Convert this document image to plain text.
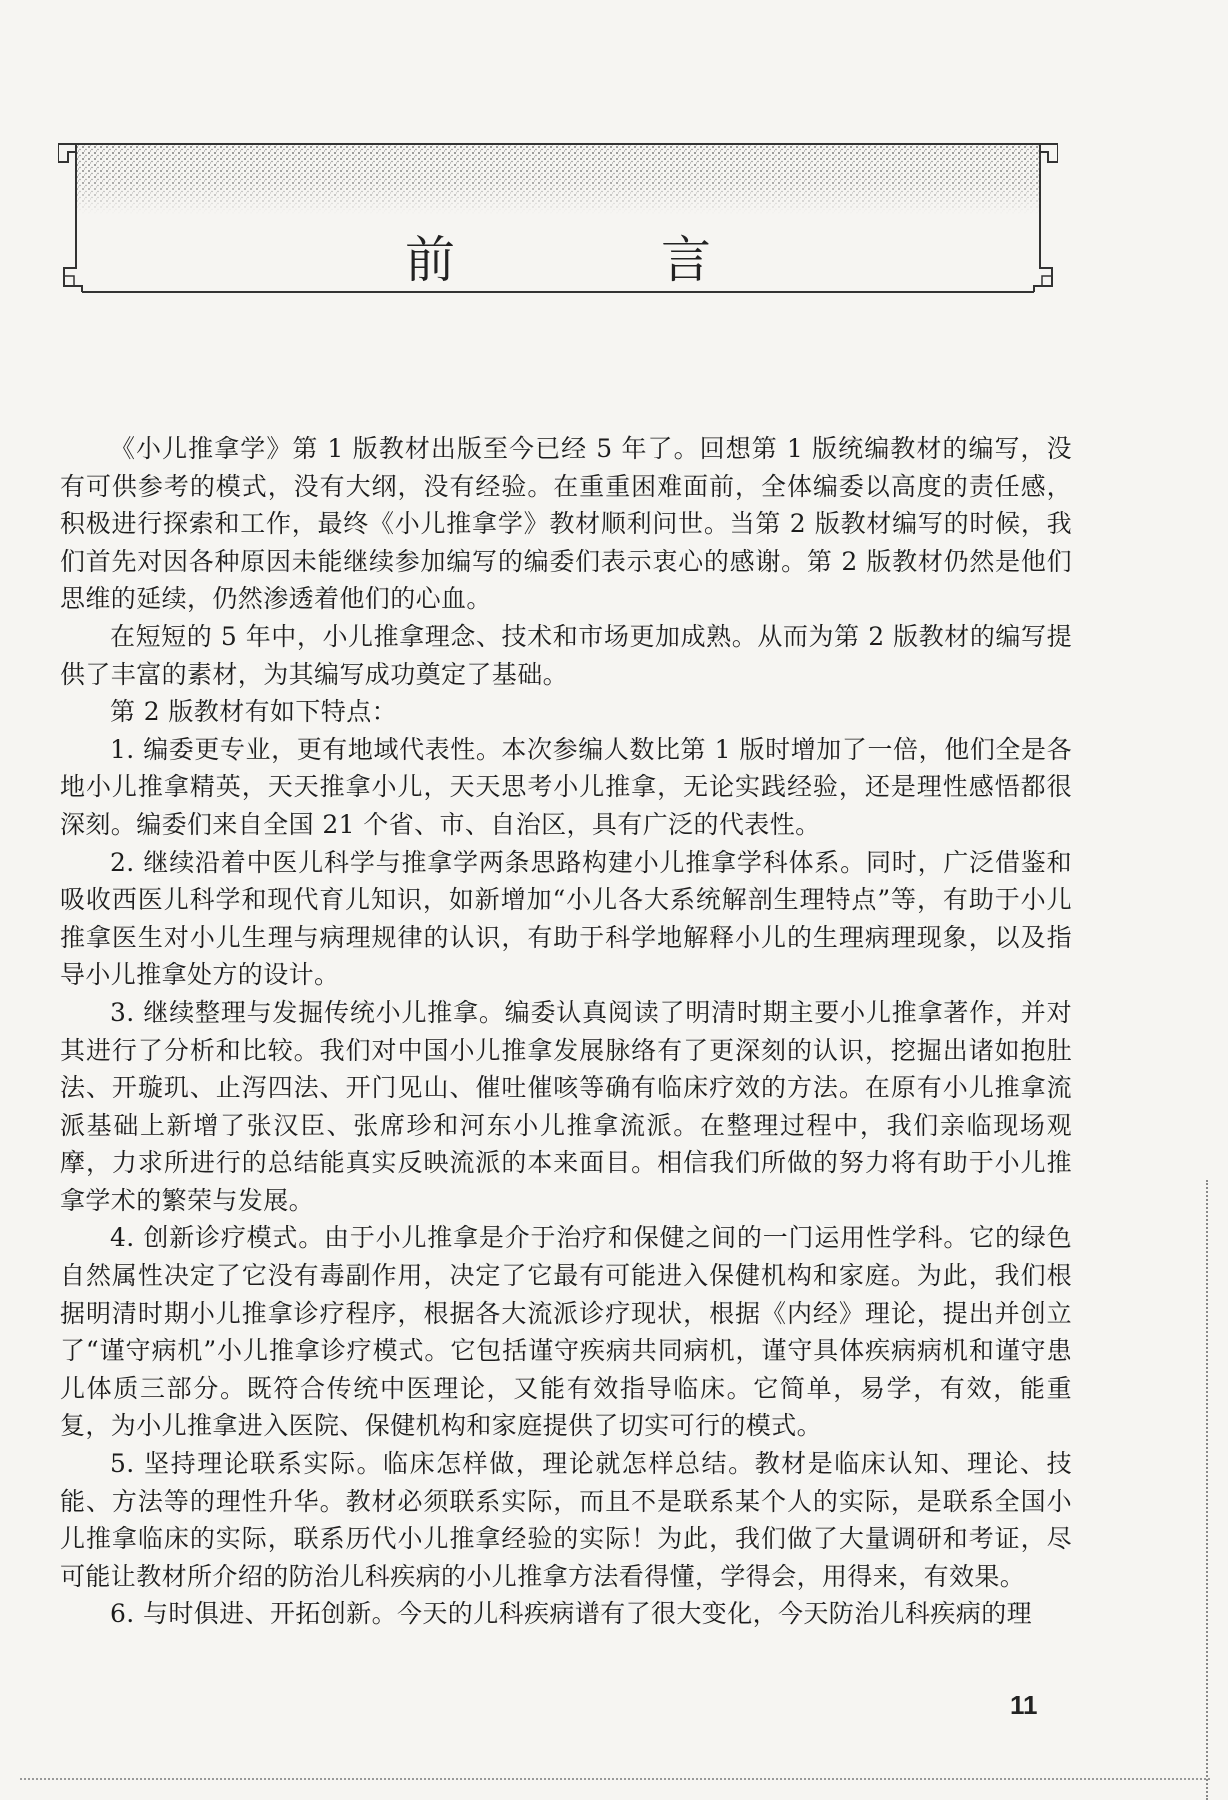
前 言

《小儿推拿学》第 1 版教材出版至今已经 5 年了。回想第 1 版统编教材的编写，没有可供参考的模式，没有大纲，没有经验。在重重困难面前，全体编委以高度的责任感，积极进行探索和工作，最终《小儿推拿学》教材顺利问世。当第 2 版教材编写的时候，我们首先对因各种原因未能继续参加编写的编委们表示衷心的感谢。第 2 版教材仍然是他们思维的延续，仍然渗透着他们的心血。

在短短的 5 年中，小儿推拿理念、技术和市场更加成熟。从而为第 2 版教材的编写提供了丰富的素材，为其编写成功奠定了基础。

第 2 版教材有如下特点：

1. 编委更专业，更有地域代表性。本次参编人数比第 1 版时增加了一倍，他们全是各地小儿推拿精英，天天推拿小儿，天天思考小儿推拿，无论实践经验，还是理性感悟都很深刻。编委们来自全国 21 个省、市、自治区，具有广泛的代表性。

2. 继续沿着中医儿科学与推拿学两条思路构建小儿推拿学科体系。同时，广泛借鉴和吸收西医儿科学和现代育儿知识，如新增加“小儿各大系统解剖生理特点”等，有助于小儿推拿医生对小儿生理与病理规律的认识，有助于科学地解释小儿的生理病理现象，以及指导小儿推拿处方的设计。

3. 继续整理与发掘传统小儿推拿。编委认真阅读了明清时期主要小儿推拿著作，并对其进行了分析和比较。我们对中国小儿推拿发展脉络有了更深刻的认识，挖掘出诸如抱肚法、开璇玑、止泻四法、开门见山、催吐催咳等确有临床疗效的方法。在原有小儿推拿流派基础上新增了张汉臣、张席珍和河东小儿推拿流派。在整理过程中，我们亲临现场观摩，力求所进行的总结能真实反映流派的本来面目。相信我们所做的努力将有助于小儿推拿学术的繁荣与发展。

4. 创新诊疗模式。由于小儿推拿是介于治疗和保健之间的一门运用性学科。它的绿色自然属性决定了它没有毒副作用，决定了它最有可能进入保健机构和家庭。为此，我们根据明清时期小儿推拿诊疗程序，根据各大流派诊疗现状，根据《内经》理论，提出并创立了“谨守病机”小儿推拿诊疗模式。它包括谨守疾病共同病机，谨守具体疾病病机和谨守患儿体质三部分。既符合传统中医理论，又能有效指导临床。它简单，易学，有效，能重复，为小儿推拿进入医院、保健机构和家庭提供了切实可行的模式。

5. 坚持理论联系实际。临床怎样做，理论就怎样总结。教材是临床认知、理论、技能、方法等的理性升华。教材必须联系实际，而且不是联系某个人的实际，是联系全国小儿推拿临床的实际，联系历代小儿推拿经验的实际！为此，我们做了大量调研和考证，尽可能让教材所介绍的防治儿科疾病的小儿推拿方法看得懂，学得会，用得来，有效果。

6. 与时俱进、开拓创新。今天的儿科疾病谱有了很大变化，今天防治儿科疾病的理

11
